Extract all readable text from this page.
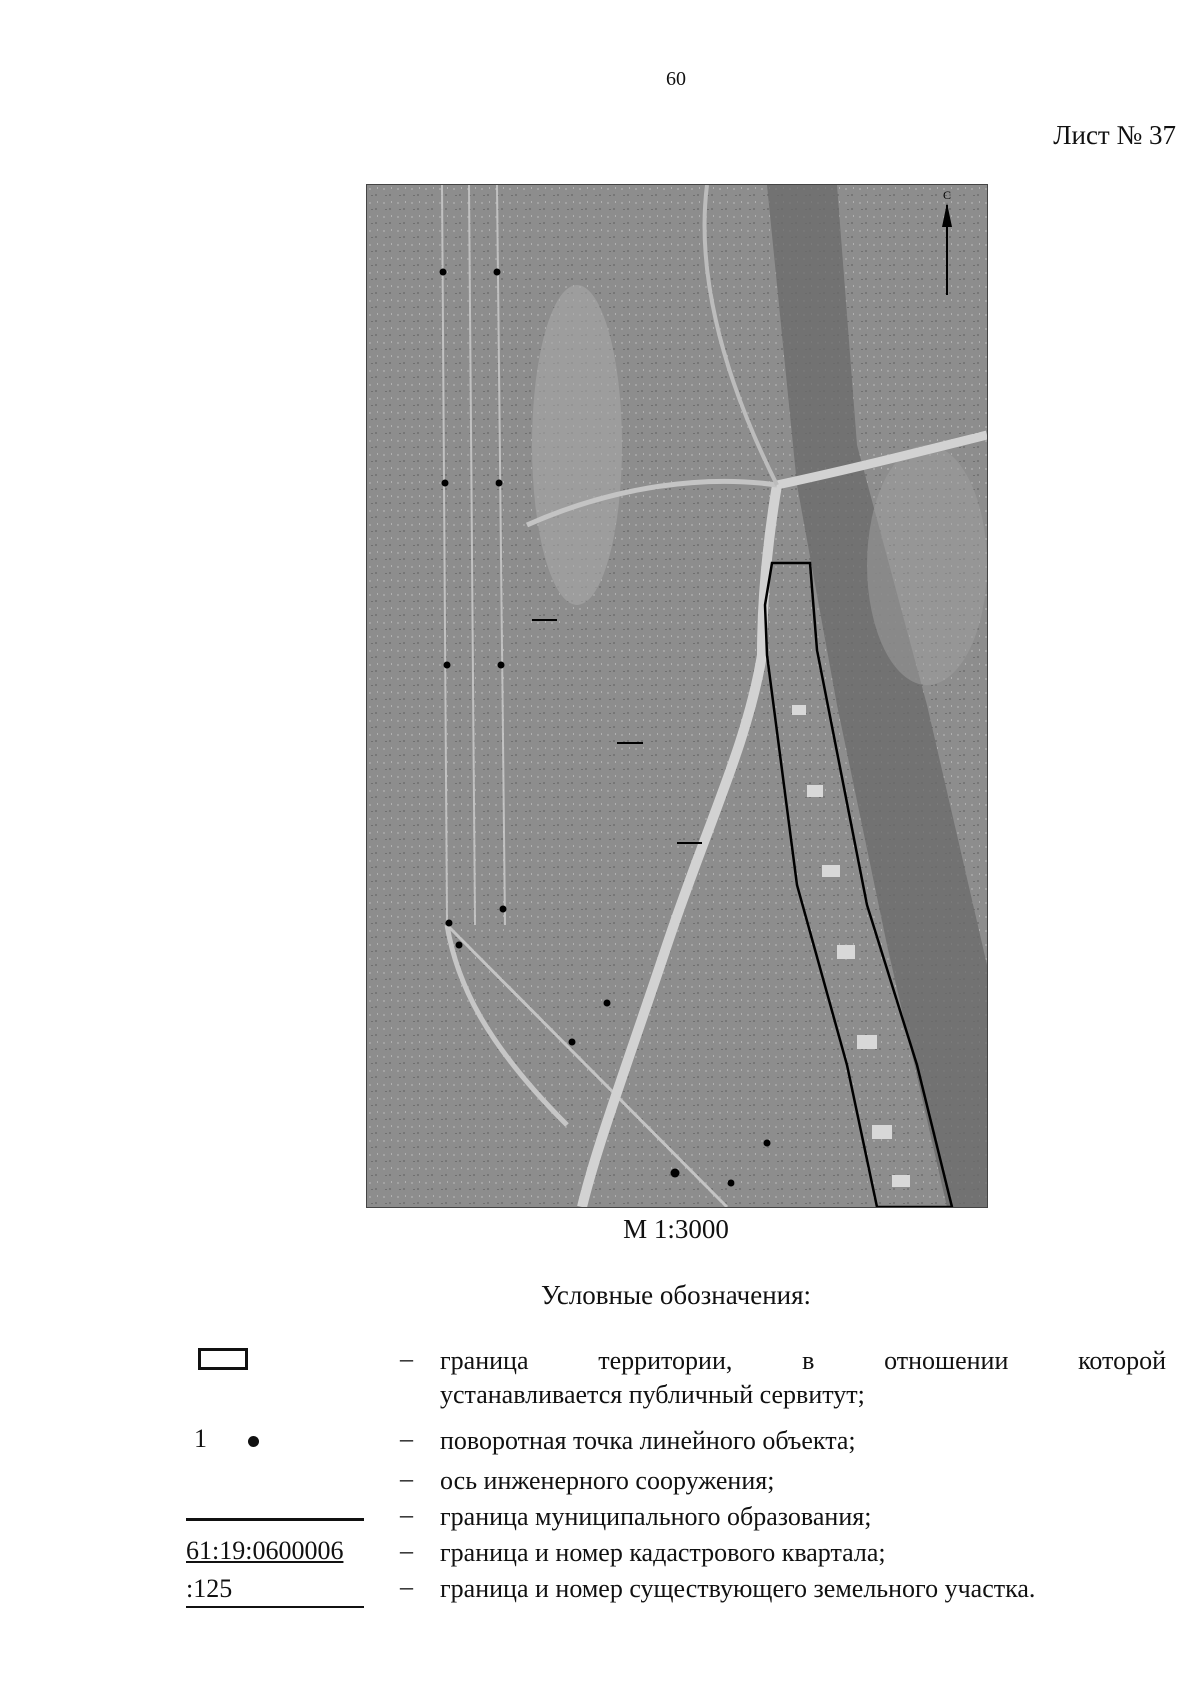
60
Лист № 37
С
М 1:3000
Условные обозначения:
– граница территории, в отношении которой
устанавливается публичный сервитут;
1	– поворотная точка линейного объекта;
– ось инженерного сооружения;
– граница муниципального образования;
61:19:0600006 – граница и номер кадастрового квартала;
:125	– граница и номер существующего земельного участка.
